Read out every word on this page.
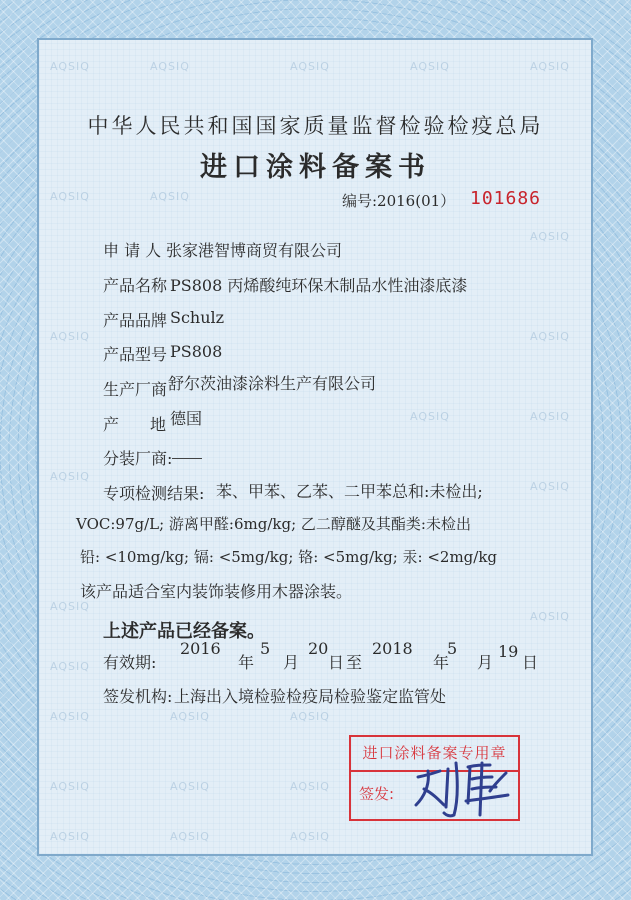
AQSIQ	AQSIQ	AQSIQ	AQSIQ	AQSIQ
AQSIQ	AQSIQ
AQSIQ
AQSIQ	AQSIQ
AQSIQ	AQSIQ
AQSIQ
AQSIQ
AQSIQ
AQSIQ
AQSIQ
AQSIQ	AQSIQ	AQSIQ
AQSIQ	AQSIQ	AQSIQ
AQSIQ	AQSIQ	AQSIQ
中华人民共和国国家质量监督检验检疫总局
进口涂料备案书
编号:2016(01） 101686
申 请 人 张家港智博商贸有限公司
产品名称 PS808 丙烯酸纯环保木制品水性油漆底漆
产品品牌 Schulz
产品型号 PS808
生产厂商 舒尔茨油漆涂料生产有限公司
产 地 德国
分装厂商:
专项检测结果: 苯、甲苯、乙苯、二甲苯总和:未检出;
VOC:97g/L; 游离甲醛:6mg/kg; 乙二醇醚及其酯类:未检出
铅: <10mg/kg; 镉: <5mg/kg; 铬: <5mg/kg; 汞: <2mg/kg
该产品适合室内装饰装修用木器涂装。
上述产品已经备案。
有效期:
2016
年
5
月
20
日 至
2018
年
5
月
19
日
签发机构: 上海出入境检验检疫局检验鉴定监管处
进口涂料备案专用章
签发:
